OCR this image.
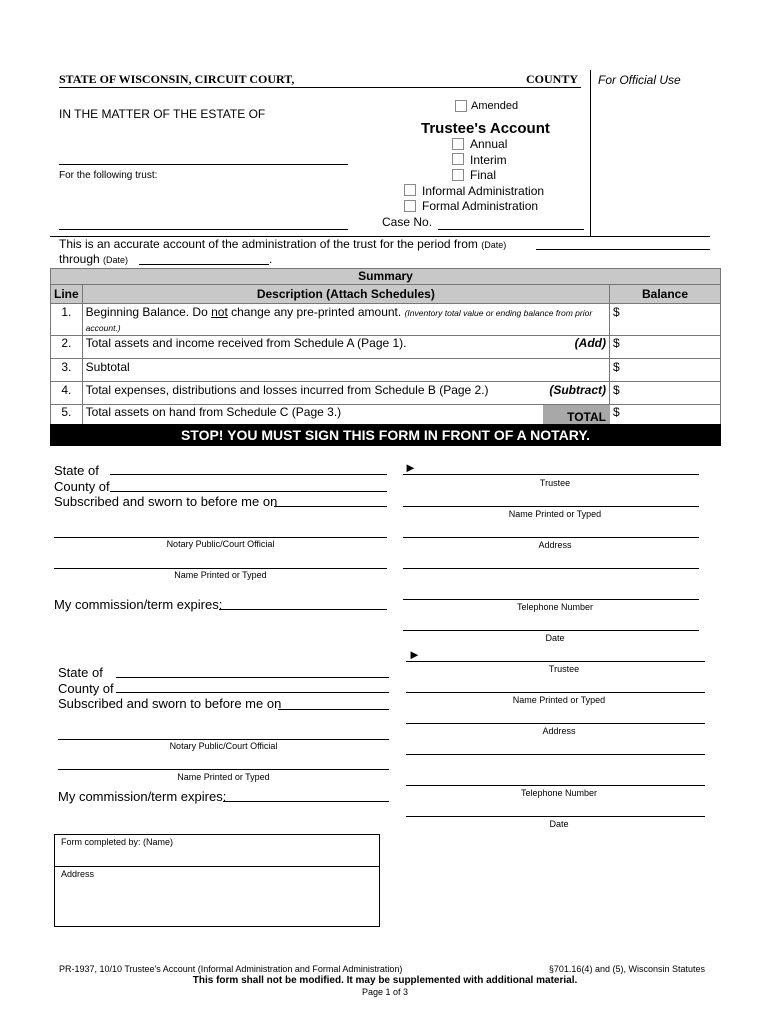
STATE OF WISCONSIN, CIRCUIT COURT,	COUNTY For Official Use
IN THE MATTER OF THE ESTATE OF
For the following trust:
Amended
Trustee's Account
Annual
Interim
Final
Informal Administration
Formal Administration
Case No.
This is an accurate account of the administration of the trust for the period from (Date)
through (Date)	.
Summary		
Line	Description (Attach Schedules)	Balance
1.	Beginning Balance. Do not change any pre-printed amount. (Inventory total value or ending balance from prior account.)	$
2.	Total assets and income received from Schedule A (Page 1). (Add)	$
3.	Subtotal	$
4.	Total expenses, distributions and losses incurred from Schedule B (Page 2.) (Subtract)	$
5.	Total assets on hand from Schedule C (Page 3.) TOTAL	$
STOP! YOU MUST SIGN THIS FORM IN FRONT OF A NOTARY.
State of
County of
Subscribed and sworn to before me on
Notary Public/Court Official
Name Printed or Typed
My commission/term expires:
►
Trustee
Name Printed or Typed
Address
Telephone Number
Date
State of
County of
Subscribed and sworn to before me on
Notary Public/Court Official
Name Printed or Typed
My commission/term expires:
►
Trustee
Name Printed or Typed
Address
Telephone Number
Date
Form completed by: (Name)
Address
PR-1937, 10/10 Trustee's Account (Informal Administration and Formal Administration)	§701.16(4) and (5), Wisconsin Statutes
This form shall not be modified. It may be supplemented with additional material.
Page 1 of 3
